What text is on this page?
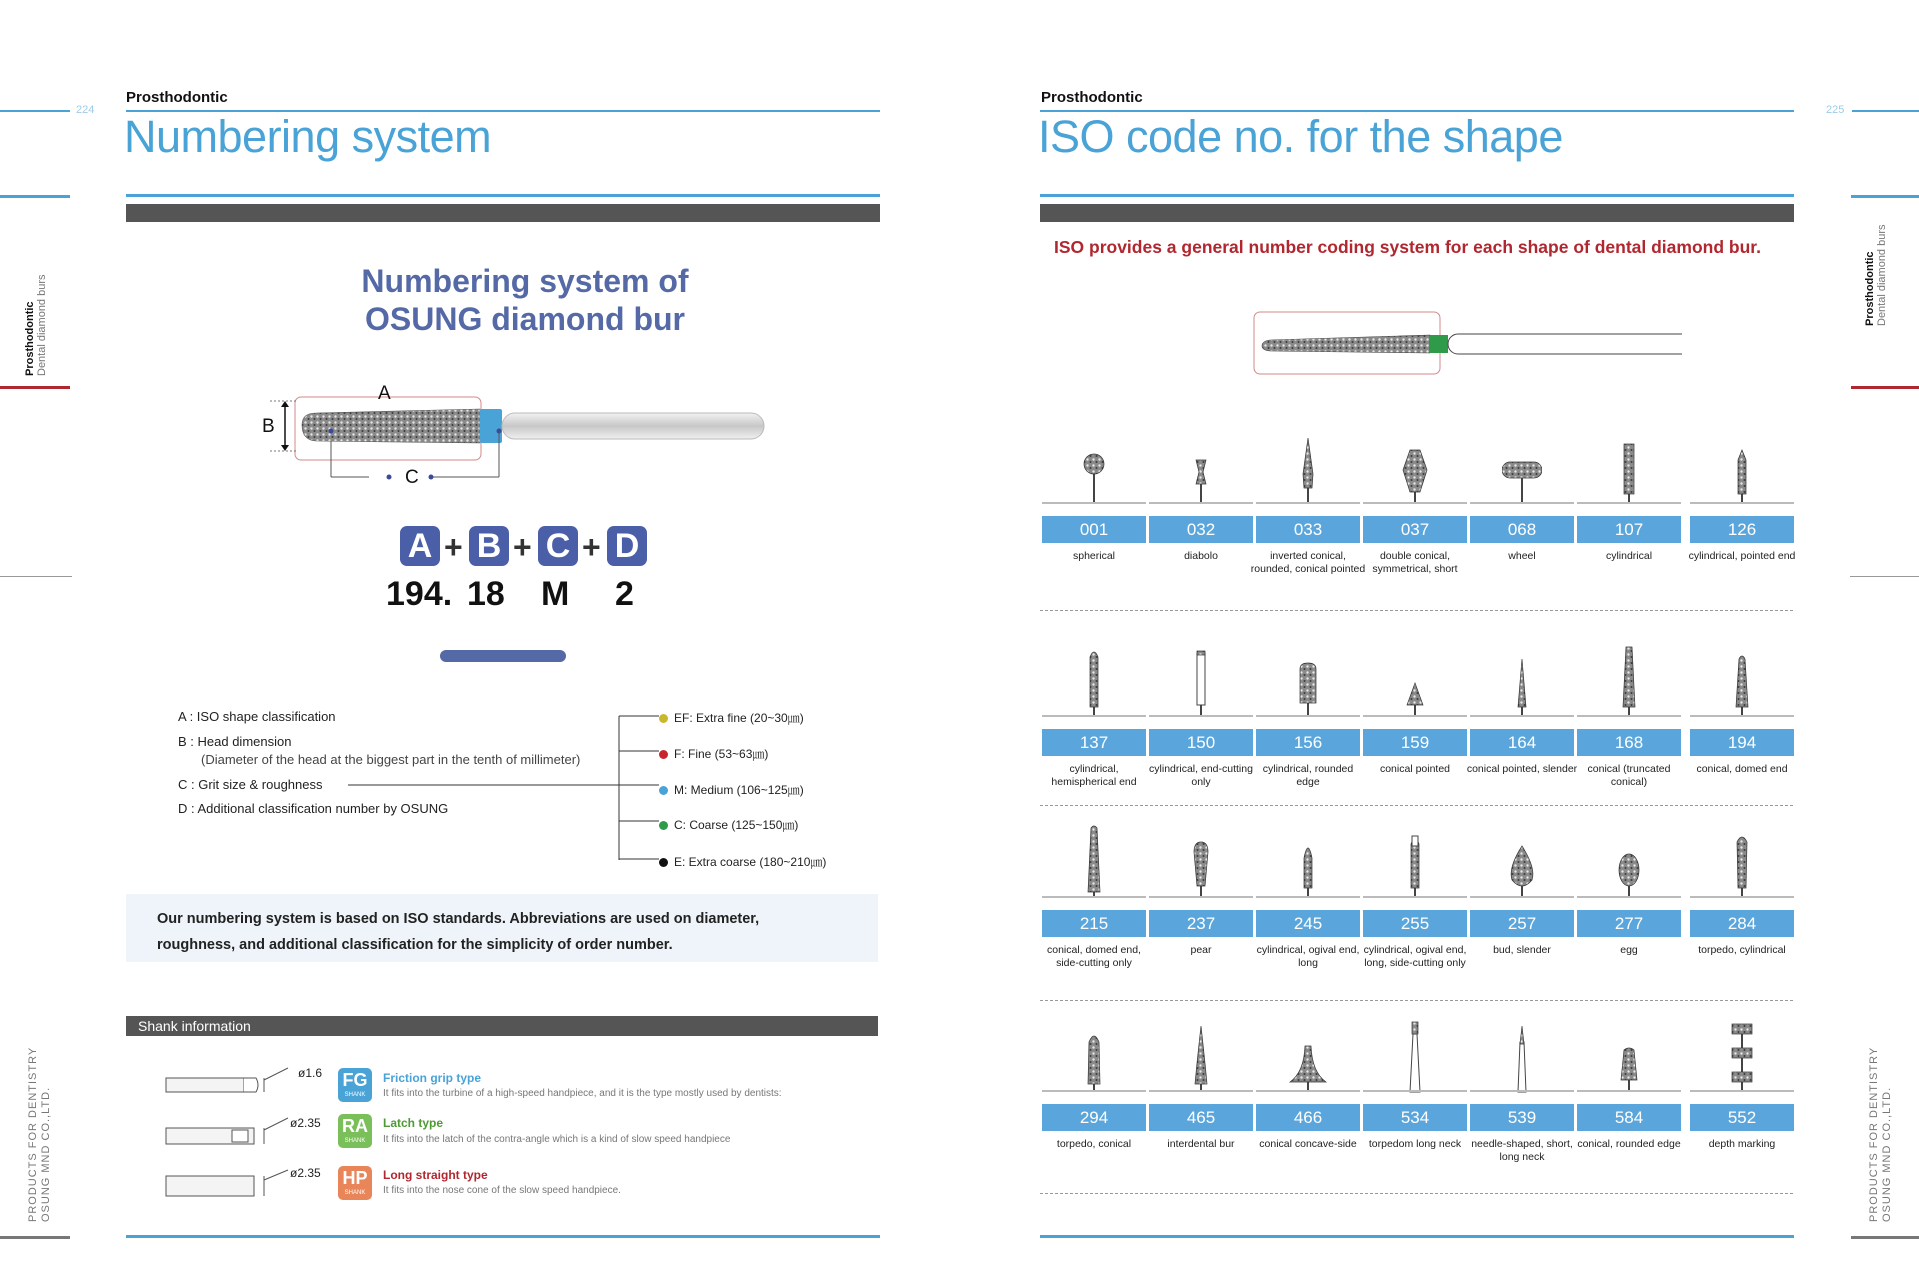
224
Prosthodontic
Numbering system
Prosthodontic
Dental diamond burs
PRODUCTS FOR DENTISTRY OSUNG MND CO.,LTD.
Numbering system of
OSUNG diamond bur
A
B
C
A + B + C + D
194. 18 M 2
A : ISO shape classification
B : Head dimension
(Diameter of the head at the biggest part in the tenth of millimeter)
C : Grit size & roughness
D : Additional classification number by OSUNG
EF: Extra fine (20~30㎛)
F: Fine (53~63㎛)
M: Medium (106~125㎛)
C: Coarse (125~150㎛)
E: Extra coarse (180~210㎛)
Our numbering system is based on ISO standards. Abbreviations are used on diameter,
roughness, and additional classification for the simplicity of order number.
Shank information
ø1.6 FG
SHANK
Friction grip type
It fits into the turbine of a high-speed handpiece, and it is the type mostly used by dentists:
ø2.35 RA
SHANK
Latch type
It fits into the latch of the contra-angle which is a kind of slow speed handpiece
ø2.35 HP
SHANK
Long straight type
It fits into the nose cone of the slow speed handpiece.
Prosthodontic
ISO code no. for the shape
225
Prosthodontic
Dental diamond burs
PRODUCTS FOR DENTISTRY OSUNG MND CO.,LTD.
ISO provides a general number coding system for each shape of dental diamond bur.
001
spherical
032
diabolo
033
inverted conical, rounded, conical pointed
037
double conical, symmetrical, short
068
wheel
107
cylindrical
126
cylindrical, pointed end
137
cylindrical, hemispherical end
150
cylindrical, end-cutting only
156
cylindrical, rounded edge
159
conical pointed
164
conical pointed, slender
168
conical (truncated conical)
194
conical, domed end
215
conical, domed end, side-cutting only
237
pear
245
cylindrical, ogival end, long
255
cylindrical, ogival end, long, side-cutting only
257
bud, slender
277
egg
284
torpedo, cylindrical
294
torpedo, conical
465
interdental bur
466
conical concave-side
534
torpedom long neck
539
needle-shaped, short, long neck
584
conical, rounded edge
552
depth marking
